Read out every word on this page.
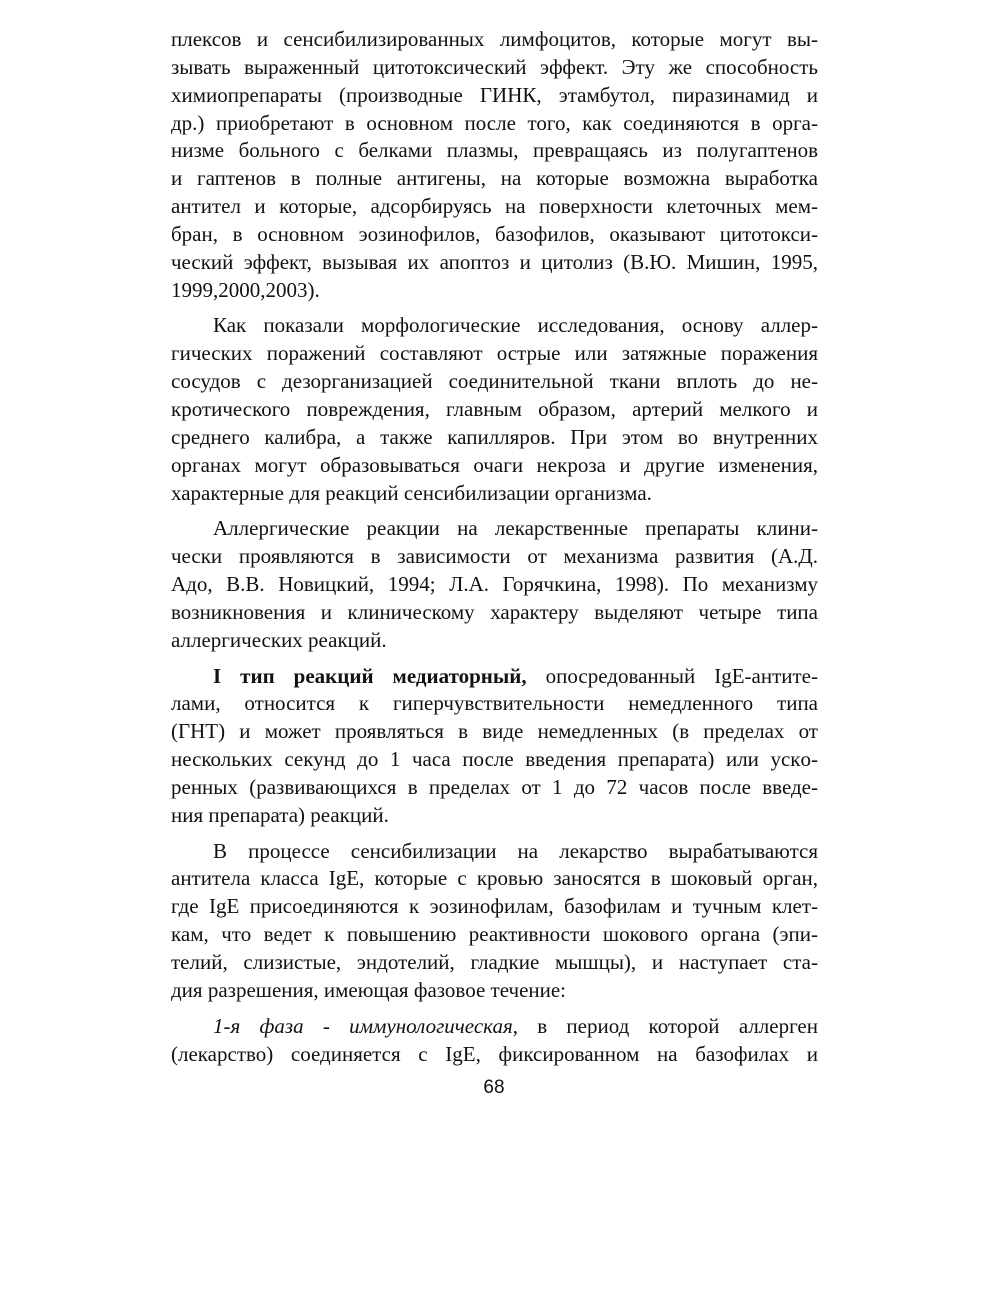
плексов и сенсибилизированных лимфоцитов, которые могут вы-
зывать выраженный цитотоксический эффект. Эту же способность
химиопрепараты (производные ГИНК, этамбутол, пиразинамид и
др.) приобретают в основном после того, как соединяются в орга-
низме больного с белками плазмы, превращаясь из полугаптенов
и гаптенов в полные антигены, на которые возможна выработка
антител и которые, адсорбируясь на поверхности клеточных мем-
бран, в основном эозинофилов, базофилов, оказывают цитотокси-
ческий эффект, вызывая их апоптоз и цитолиз (В.Ю. Мишин, 1995,
1999,2000,2003).
Как показали морфологические исследования, основу аллер-
гических поражений составляют острые или затяжные поражения
сосудов с дезорганизацией соединительной ткани вплоть до не-
кротического повреждения, главным образом, артерий мелкого и
среднего калибра, а также капилляров. При этом во внутренних
органах могут образовываться очаги некроза и другие изменения,
характерные для реакций сенсибилизации организма.
Аллергические реакции на лекарственные препараты клини-
чески проявляются в зависимости от механизма развития (А.Д.
Адо, В.В. Новицкий, 1994; Л.А. Горячкина, 1998). По механизму
возникновения и клиническому характеру выделяют четыре типа
аллергических реакций.
I тип реакций медиаторный, опосредованный IgE-антите-
лами, относится к гиперчувствительности немедленного типа
(ГНТ) и может проявляться в виде немедленных (в пределах от
нескольких секунд до 1 часа после введения препарата) или ускo-
ренных (развивающихся в пределах от 1 до 72 часов после введе-
ния препарата) реакций.
В процессе сенсибилизации на лекарство вырабатываются
антитела класса IgE, которые с кровью заносятся в шоковый орган,
где IgE присоединяются к эозинофилам, базофилам и тучным клет-
кам, что ведет к повышению реактивности шокового органа (эпи-
телий, слизистые, эндотелий, гладкие мышцы), и наступает ста-
дия разрешения, имеющая фазовое течение:
1-я фаза - иммунологическая, в период которой аллерген
(лекарство) соединяется с IgE, фиксированном на базофилах и
68
